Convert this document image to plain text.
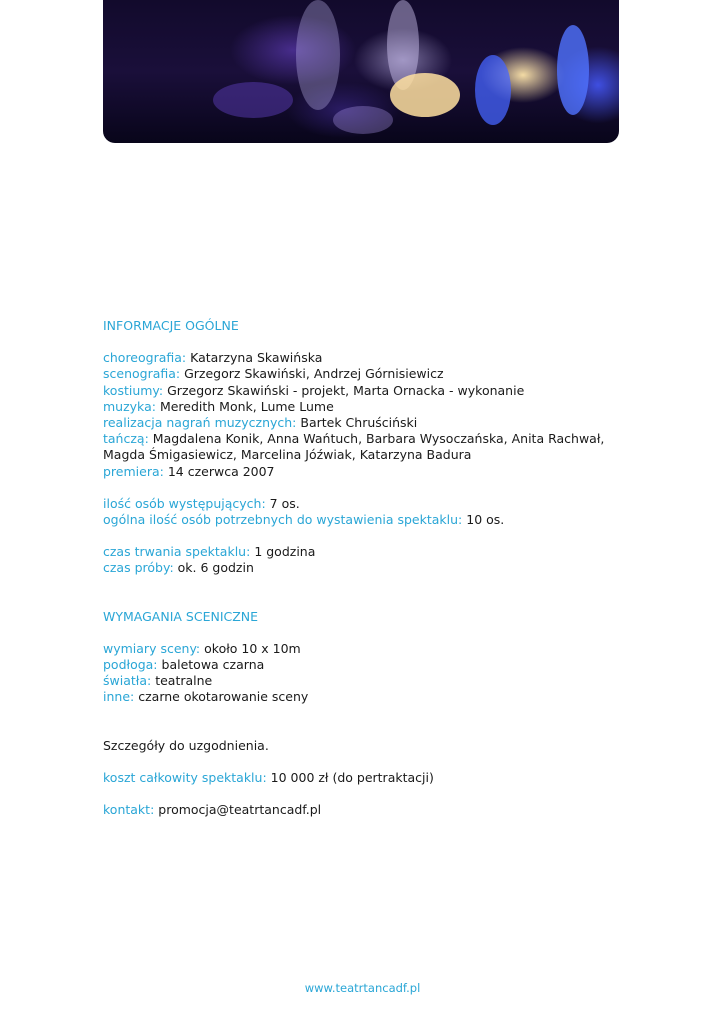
INFORMACJE OGÓLNE
choreografia: Katarzyna Skawińska
scenografia: Grzegorz Skawiński, Andrzej Górnisiewicz
kostiumy: Grzegorz Skawiński - projekt, Marta Ornacka - wykonanie
muzyka: Meredith Monk, Lume Lume
realizacja nagrań muzycznych: Bartek Chruściński
tańczą: Magdalena Konik, Anna Wańtuch, Barbara Wysoczańska, Anita Rachwał, Magda Śmigasiewicz, Marcelina Jóźwiak, Katarzyna Badura
premiera: 14 czerwca 2007
ilość osób występujących: 7 os.
ogólna ilość osób potrzebnych do wystawienia spektaklu: 10 os.
czas trwania spektaklu: 1 godzina
czas próby: ok. 6 godzin
WYMAGANIA SCENICZNE
wymiary sceny: około 10 x 10m
podłoga: baletowa czarna
światła: teatralne
inne: czarne okotarowanie sceny
Szczegóły do uzgodnienia.
koszt całkowity spektaklu: 10 000 zł (do pertraktacji)
kontakt: promocja@teatrtancadf.pl
www.teatrtancadf.pl
